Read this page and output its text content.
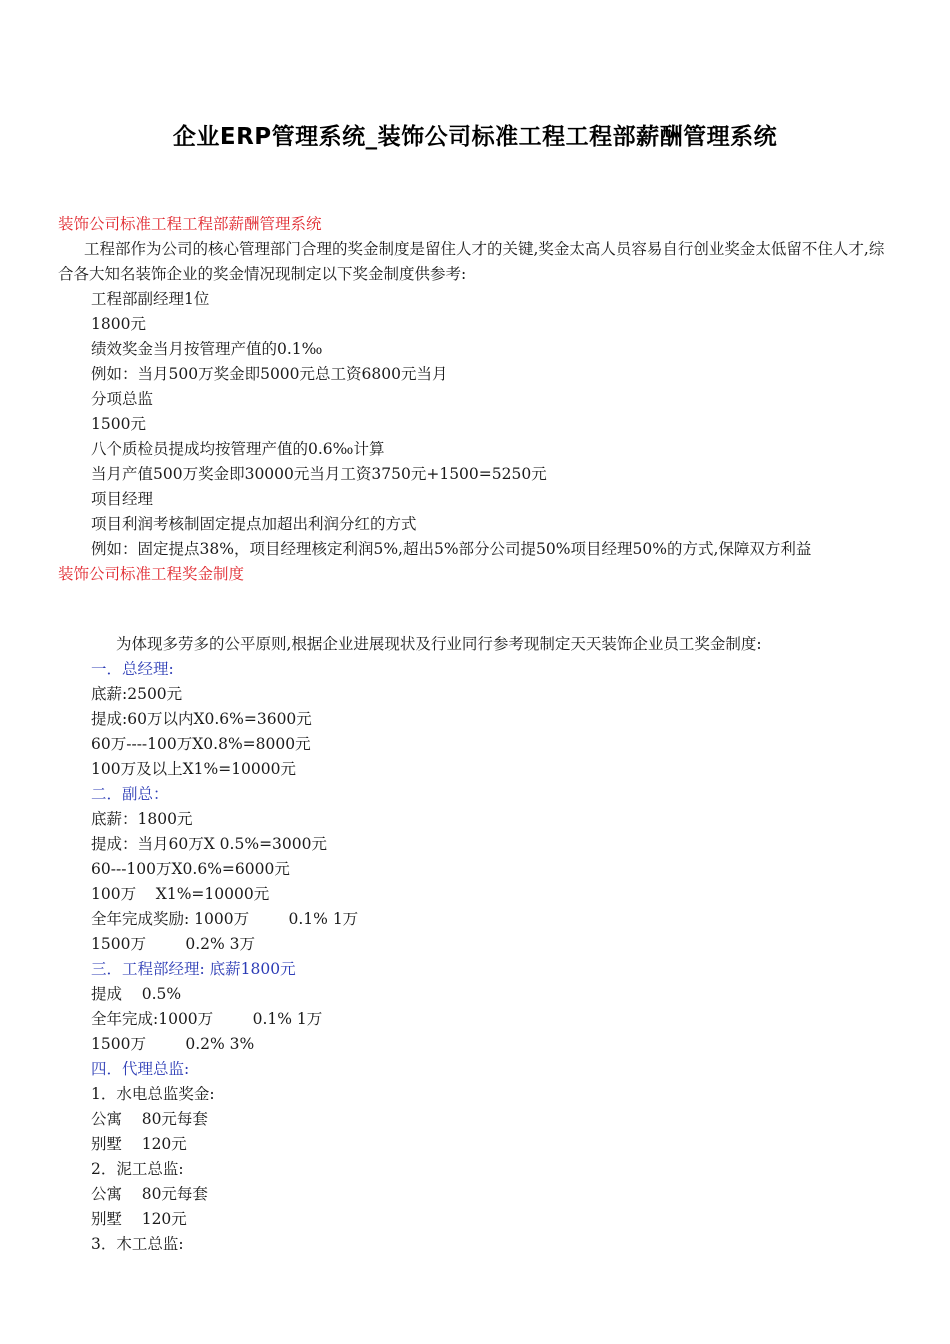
企业ERP管理系统_装饰公司标准工程工程部薪酬管理系统
装饰公司标准工程工程部薪酬管理系统
工程部作为公司的核心管理部门合理的奖金制度是留住人才的关键,奖金太高人员容易自行创业奖金太低留不住人才,综合各大知名装饰企业的奖金情况现制定以下奖金制度供参考:
工程部副经理1位
1800元
绩效奖金当月按管理产值的0.1‰
例如：当月500万奖金即5000元总工资6800元当月
分项总监
1500元
八个质检员提成均按管理产值的0.6‰计算
当月产值500万奖金即30000元当月工资3750元+1500=5250元
项目经理
项目利润考核制固定提点加超出利润分红的方式
例如：固定提点38%，项目经理核定利润5%,超出5%部分公司提50%项目经理50%的方式,保障双方利益
装饰公司标准工程奖金制度
为体现多劳多的公平原则,根据企业进展现状及行业同行参考现制定天天装饰企业员工奖金制度:
一．总经理:
底薪:2500元
提成:60万以内X0.6%=3600元
60万----100万X0.8%=8000元
100万及以上X1%=10000元
二．副总：
底薪：1800元
提成：当月60万X 0.5%=3000元
60---100万X0.6%=6000元
100万    X1%=10000元
全年完成奖励: 1000万        0.1% 1万
1500万        0.2% 3万
三．工程部经理: 底薪1800元
提成    0.5%
全年完成:1000万        0.1% 1万
1500万        0.2% 3%
四．代理总监:
1．水电总监奖金:
公寓    80元每套
别墅    120元
2．泥工总监:
公寓    80元每套
别墅    120元
3．木工总监:
